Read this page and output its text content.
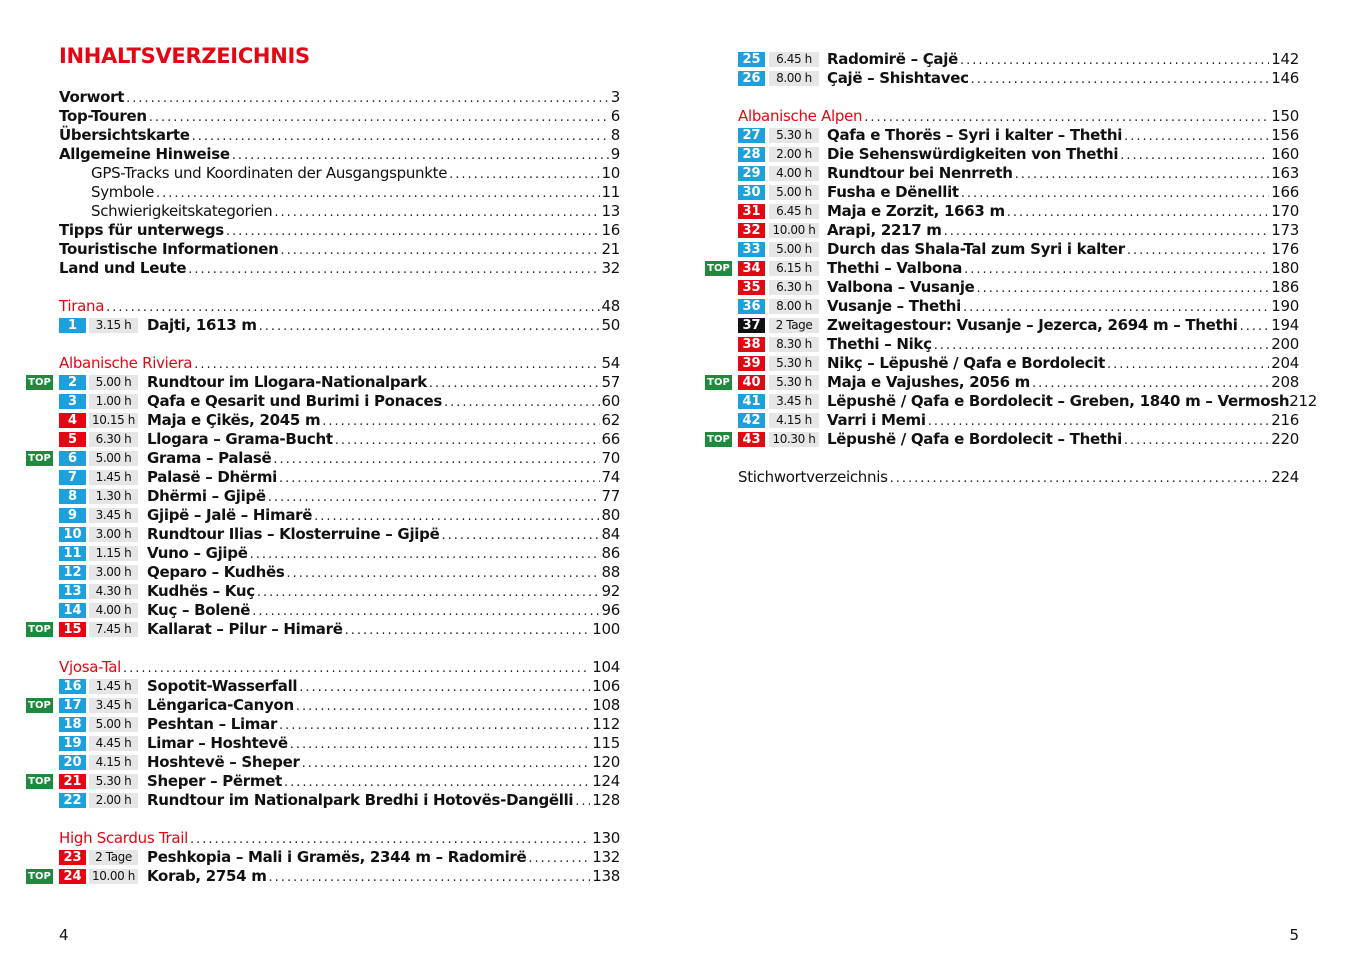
INHALTSVERZEICHNIS
Vorwort .....	3
Top-Touren .....	6
Übersichtskarte .....	8
Allgemeine Hinweise .....	9
GPS-Tracks und Koordinaten der Ausgangspunkte .....	10
Symbole .....	11
Schwierigkeitskategorien .....	13
Tipps für unterwegs .....	16
Touristische Informationen .....	21
Land und Leute .....	32
Tirana .....	48
1	3.15 h	Dajti, 1613 m .....	50
Albanische Riviera .....	54
TOP	2	5.00 h	Rundtour im Llogara-Nationalpark .....	57
3	1.00 h	Qafa e Qesarit und Burimi i Ponaces .....	60
4	10.15 h Maja e Çikës, 2045 m .....	62
5	6.30 h	Llogara – Grama-Bucht .....	66
TOP	6	5.00 h	Grama – Palasë .....	70
7	1.45 h	Palasë – Dhërmi .....	74
8	1.30 h	Dhërmi – Gjipë .....	77
9	3.45 h	Gjipë – Jalë – Himarë .....	80
10	3.00 h	Rundtour Ilias – Klosterruine – Gjipë .....	84
11	1.15 h	Vuno – Gjipë .....	86
12	3.00 h	Qeparo – Kudhës .....	88
13	4.30 h	Kudhës – Kuç .....	92
14	4.00 h	Kuç – Bolenë .....	96
TOP 15	7.45 h	Kallarat – Pilur – Himarë .....	100
Vjosa-Tal .....	104
16	1.45 h	Sopotit-Wasserfall .....	106
TOP 17	3.45 h	Lëngarica-Canyon .....	108
18	5.00 h	Peshtan – Limar .....	112
19	4.45 h	Limar – Hoshtevë .....	115
20	4.15 h	Hoshtevë – Sheper .....	120
TOP 21	5.30 h	Sheper – Përmet .....	124
22	2.00 h	Rundtour im Nationalpark Bredhi i Hotovës-Dangëlli ..... 128
High Scardus Trail .....	130
23	2 Tage	Peshkopia – Mali i Gramës, 2344 m – Radomirë .....	132
TOP 24 10.00 h Korab, 2754 m .....	138
4
25	6.45 h	Radomirë – Çajë .....	142
26	8.00 h	Çajë – Shishtavec .....	146
Albanische Alpen .....	150
27	5.30 h	Qafa e Thorës – Syri i kalter – Thethi .....	156
28	2.00 h	Die Sehenswürdigkeiten von Thethi .....	160
29	4.00 h	Rundtour bei Nenrreth .....	163
30	5.00 h	Fusha e Dënellit .....	166
31	6.45 h	Maja e Zorzit, 1663 m .....	170
32 10.00 h Arapi, 2217 m .....	173
33	5.00 h	Durch das Shala-Tal zum Syri i kalter .....	176
TOP 34	6.15 h	Thethi – Valbona .....	180
35	6.30 h	Valbona – Vusanje .....	186
36	8.00 h	Vusanje – Thethi .....	190
37	2 Tage Zweitagestour: Vusanje – Jezerca, 2694 m – Thethi ..... 194
38	8.30 h	Thethi – Nikç .....	200
39	5.30 h	Nikç – Lëpushë / Qafa e Bordolecit .....	204
TOP 40	5.30 h	Maja e Vajushes, 2056 m .....	208
41	3.45 h	Lëpushë / Qafa e Bordolecit – Greben, 1840 m – Vermosh 212
42	4.15 h	Varri i Memi .....	216
TOP 43 10.30 h Lëpushë / Qafa e Bordolecit – Thethi .....	220
Stichwortverzeichnis .....	224
5
